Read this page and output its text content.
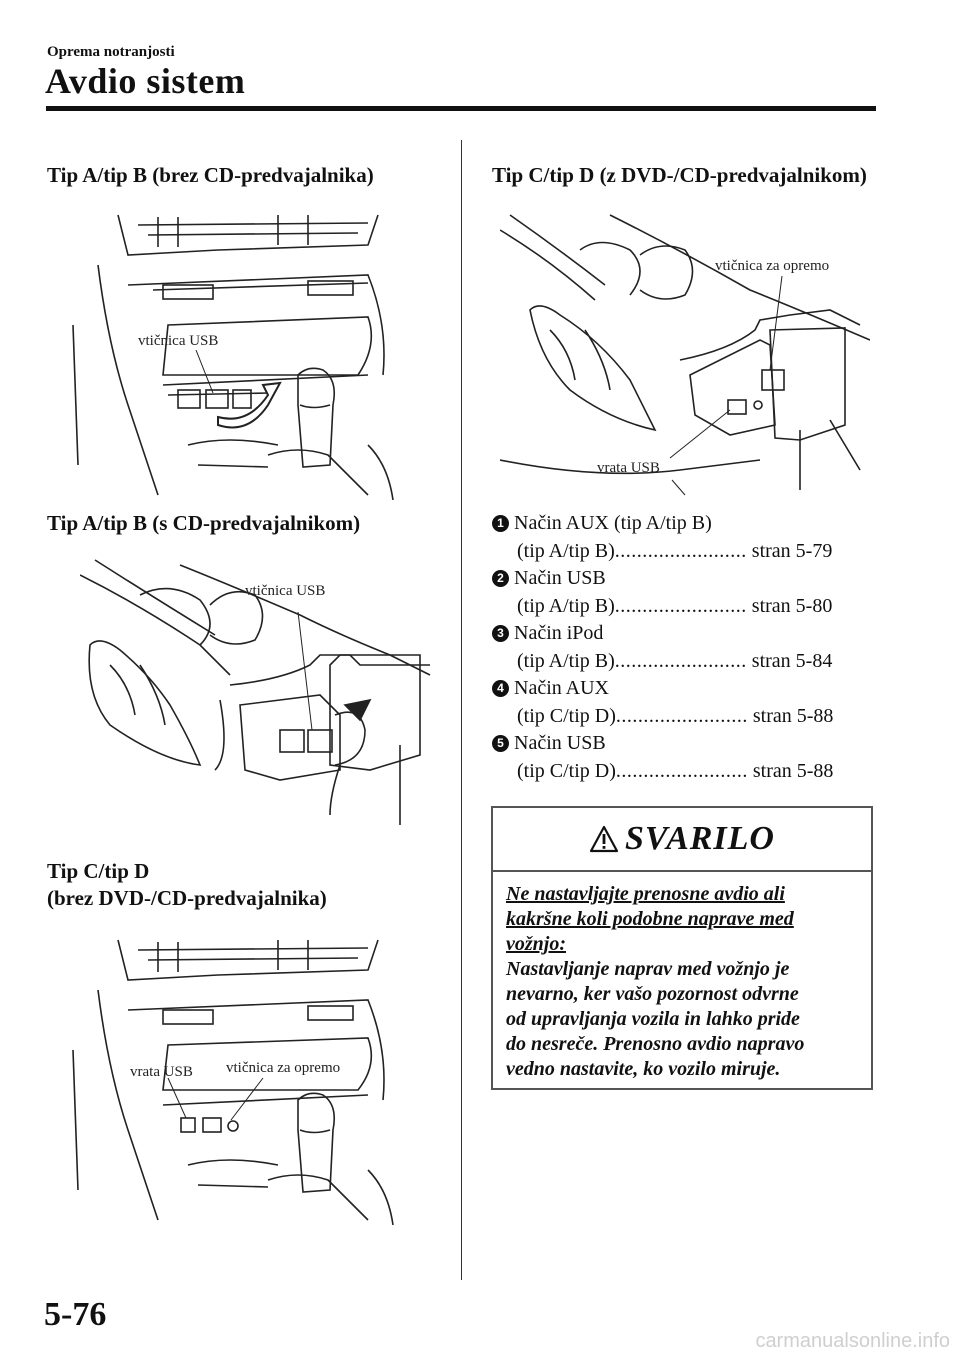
Oprema notranjosti
Avdio sistem
Tip A/tip B (brez CD-predvajalnika)
vtičnica USB
Tip A/tip B (s CD-predvajalnikom)
vtičnica USB
Tip C/tip D
(brez DVD-/CD-predvajalnika)
vrata USB vtičnica za opremo
Tip C/tip D (z DVD-/CD-predvajalnikom)
vtičnica za opremo
vrata USB
1 Način AUX (tip A/tip B)
(tip A/tip B)........................ stran 5-79
2 Način USB
(tip A/tip B)........................ stran 5-80
3 Način iPod
(tip A/tip B)........................ stran 5-84
4 Način AUX
(tip C/tip D)........................ stran 5-88
5 Način USB
(tip C/tip D)........................ stran 5-88
SVARILO
Ne nastavljajte prenosne avdio ali
kakršne koli podobne naprave med
vožnjo:
Nastavljanje naprav med vožnjo je
nevarno, ker vašo pozornost odvrne
od upravljanja vozila in lahko pride
do nesreče. Prenosno avdio napravo
vedno nastavite, ko vozilo miruje.
5-76
carmanualsonline.info
